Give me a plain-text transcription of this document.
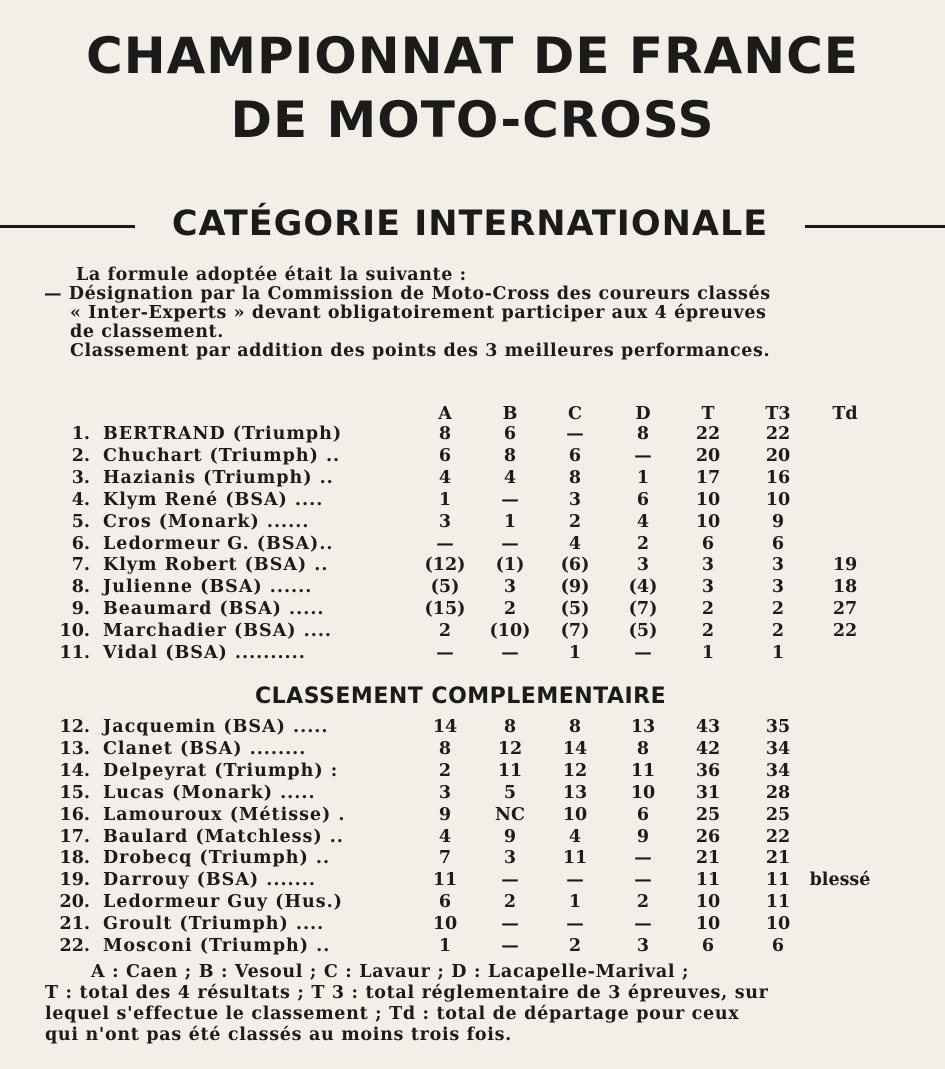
CHAMPIONNAT DE FRANCE
DE MOTO-CROSS
CATÉGORIE INTERNATIONALE
La formule adoptée était la suivante :
— Désignation par la Commission de Moto-Cross des coureurs classés
« Inter-Experts » devant obligatoirement participer aux 4 épreuves
de classement.
Classement par addition des points des 3 meilleures performances.
A	B	C	D	T	T3	Td
1. BERTRAND (Triumph)	8	6	—	8	22	22
2. Chuchart (Triumph) ..	6	8	6	—	20	20
3. Hazianis (Triumph) ..	4	4	8	1	17	16
4. Klym René (BSA) ....	1	—	3	6	10	10
5. Cros (Monark) ......	3	1	2	4	10	9
6. Ledormeur G. (BSA)..	—	—	4	2	6	6
7. Klym Robert (BSA) ..	(12)	(1)	(6)	3	3	3	19
8. Julienne (BSA) ......	(5)	3	(9)	(4)	3	3	18
9. Beaumard (BSA) .....	(15)	2	(5)	(7)	2	2	27
10. Marchadier (BSA) ....	2	(10)	(7)	(5)	2	2	22
11. Vidal (BSA) ..........	—	—	1	—	1	1
CLASSEMENT COMPLEMENTAIRE
12. Jacquemin (BSA) .....	14	8	8	13	43	35
13. Clanet (BSA) ........	8	12	14	8	42	34
14. Delpeyrat (Triumph) :	2	11	12	11	36	34
15. Lucas (Monark) .....	3	5	13	10	31	28
16. Lamouroux (Métisse) .	9	NC	10	6	25	25
17. Baulard (Matchless) ..	4	9	4	9	26	22
18. Drobecq (Triumph) ..	7	3	11	—	21	21
19. Darrouy (BSA) .......	11	—	—	—	11	11	blessé
20. Ledormeur Guy (Hus.)	6	2	1	2	10	11
21. Groult (Triumph) ....	10	—	—	—	10	10
22. Mosconi (Triumph) ..	1	—	2	3	6	6
A : Caen ; B : Vesoul ; C : Lavaur ; D : Lacapelle-Marival ;
T : total des 4 résultats ; T 3 : total réglementaire de 3 épreuves, sur
lequel s'effectue le classement ; Td : total de départage pour ceux
qui n'ont pas été classés au moins trois fois.
